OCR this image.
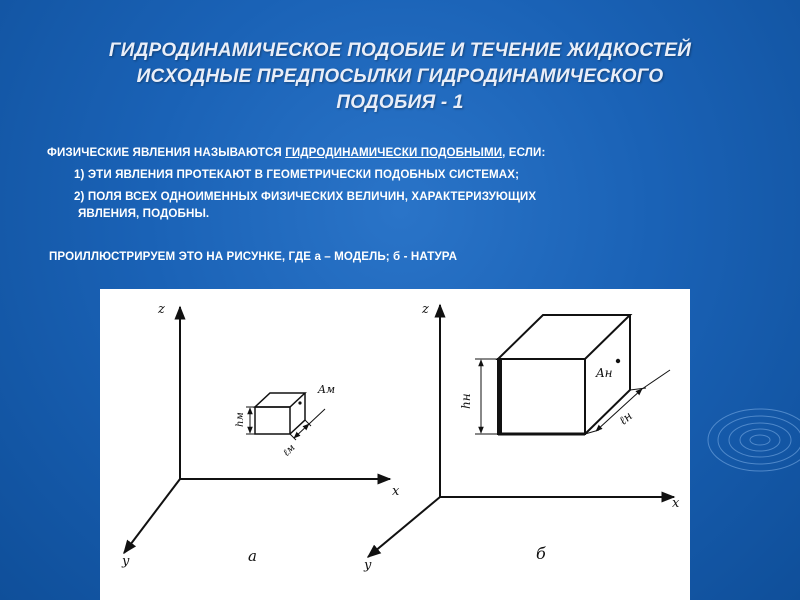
ГИДРОДИНАМИЧЕСКОЕ ПОДОБИЕ И ТЕЧЕНИЕ ЖИДКОСТЕЙ
ИСХОДНЫЕ ПРЕДПОСЫЛКИ ГИДРОДИНАМИЧЕСКОГО
ПОДОБИЯ - 1
ФИЗИЧЕСКИЕ ЯВЛЕНИЯ НАЗЫВАЮТСЯ ГИДРОДИНАМИЧЕСКИ ПОДОБНЫМИ, ЕСЛИ:
1) ЭТИ ЯВЛЕНИЯ ПРОТЕКАЮТ В ГЕОМЕТРИЧЕСКИ ПОДОБНЫХ СИСТЕМАХ;
2) ПОЛЯ ВСЕХ ОДНОИМЕННЫХ ФИЗИЧЕСКИХ ВЕЛИЧИН, ХАРАКТЕРИЗУЮЩИХ
ЯВЛЕНИЯ, ПОДОБНЫ.
ПРОИЛЛЮСТРИРУЕМ ЭТО НА РИСУНКЕ, ГДЕ а – МОДЕЛЬ; б - НАТУРА
z
x
y
Aм
hм
ℓм
а
z
x
y
Aн
hн
ℓн
б
